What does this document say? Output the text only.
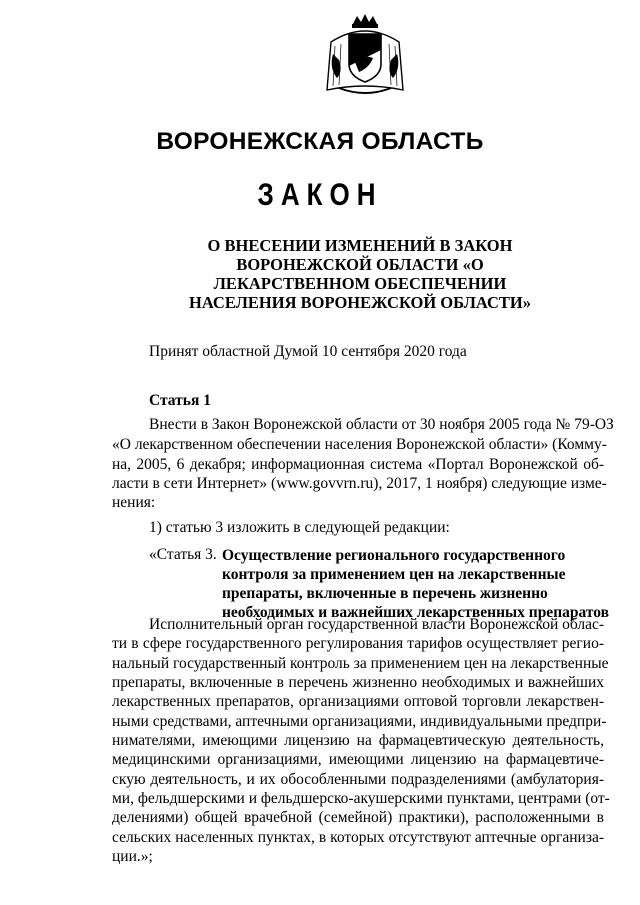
ВОРОНЕЖСКАЯ ОБЛАСТЬ
ЗАКОН
О ВНЕСЕНИИ ИЗМЕНЕНИЙ В ЗАКОН
ВОРОНЕЖСКОЙ ОБЛАСТИ «О
ЛЕКАРСТВЕННОМ ОБЕСПЕЧЕНИИ
НАСЕЛЕНИЯ ВОРОНЕЖСКОЙ ОБЛАСТИ»
Принят областной Думой 10 сентября 2020 года
Статья 1
Внести в Закон Воронежской области от 30 ноября 2005 года № 79-ОЗ
«О лекарственном обеспечении населения Воронежской области» (Комму-
на, 2005, 6 декабря; информационная система «Портал Воронежской об-
ласти в сети Интернет» (www.govvrn.ru), 2017, 1 ноября) следующие изме-
нения:
1) статью 3 изложить в следующей редакции:
«Статья 3. Осуществление регионального государственного
контроля за применением цен на лекарственные
препараты, включенные в перечень жизненно
необходимых и важнейших лекарственных препаратов
Исполнительный орган государственной власти Воронежской облас-
ти в сфере государственного регулирования тарифов осуществляет регио-
нальный государственный контроль за применением цен на лекарственные
препараты, включенные в перечень жизненно необходимых и важнейших
лекарственных препаратов, организациями оптовой торговли лекарствен-
ными средствами, аптечными организациями, индивидуальными предпри-
нимателями, имеющими лицензию на фармацевтическую деятельность,
медицинскими организациями, имеющими лицензию на фармацевтиче-
скую деятельность, и их обособленными подразделениями (амбулатория-
ми, фельдшерскими и фельдшерско-акушерскими пунктами, центрами (от-
делениями) общей врачебной (семейной) практики), расположенными в
сельских населенных пунктах, в которых отсутствуют аптечные организа-
ции.»;
